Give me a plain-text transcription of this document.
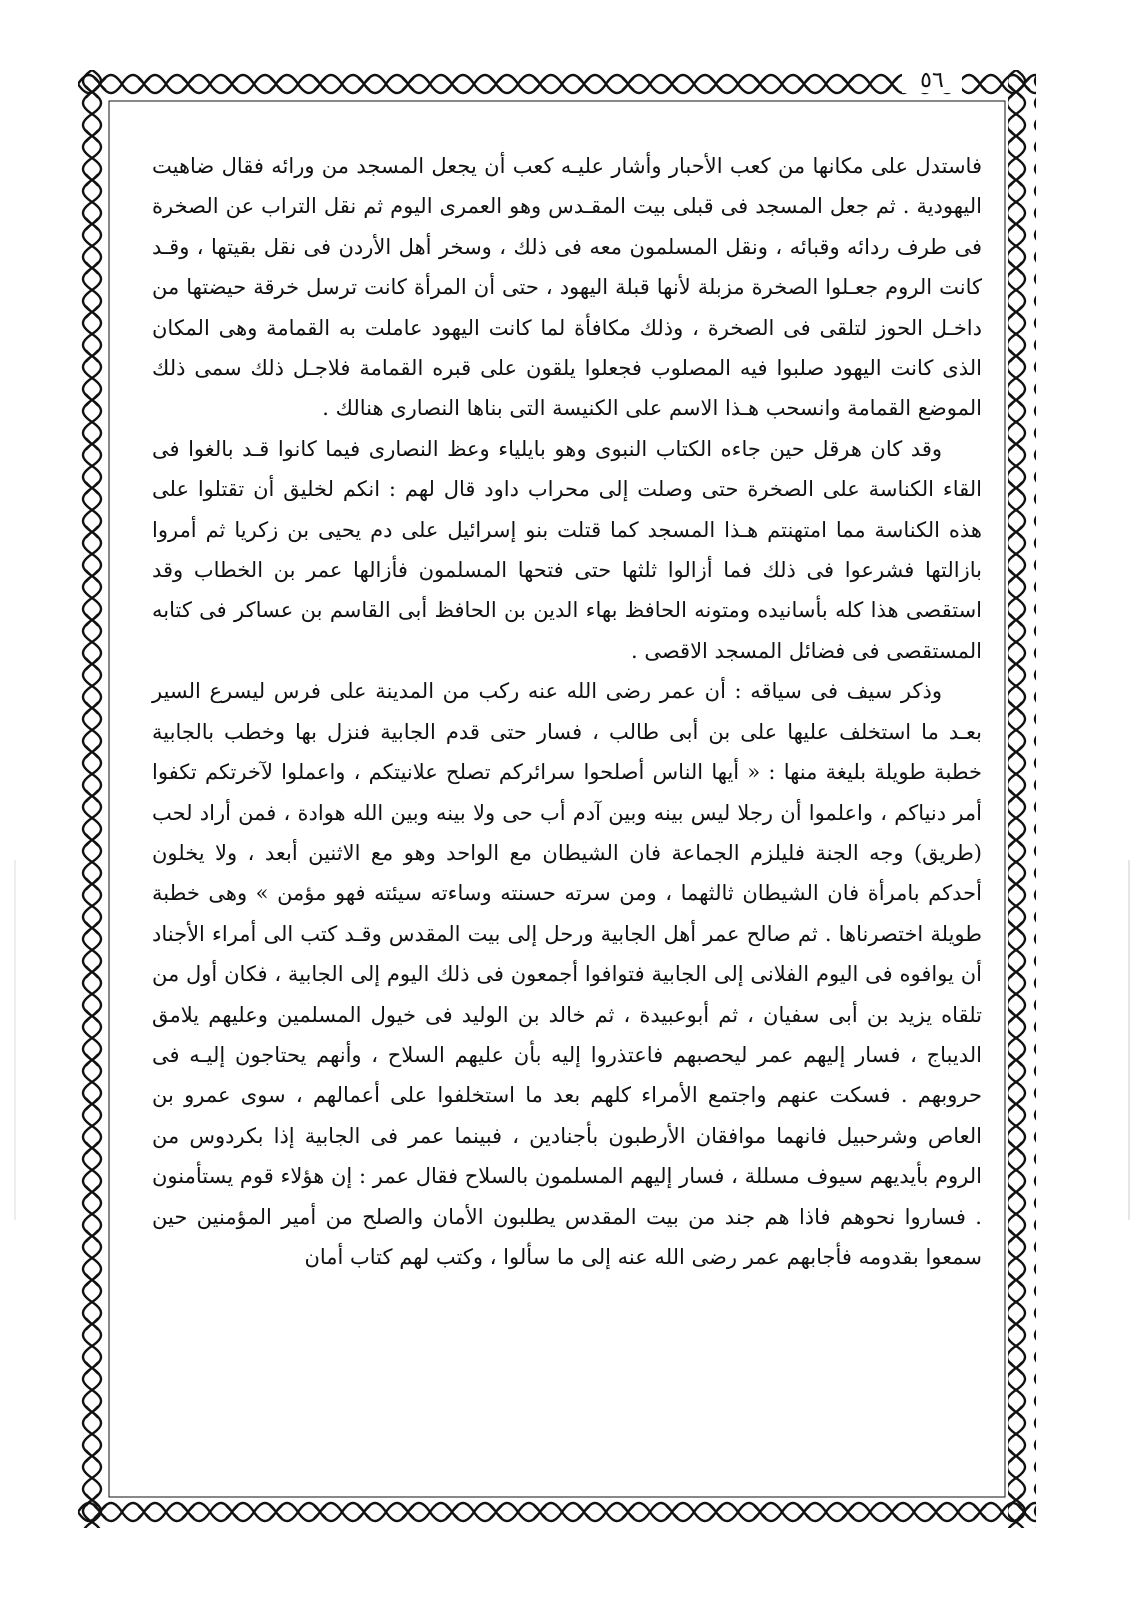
٥٦

فاستدل على مكانها من كعب الأحبار وأشار عليـه كعب أن يجعل المسجد من ورائه فقال ضاهيت اليهودية . ثم جعل المسجد فى قبلى بيت المقـدس وهو العمرى اليوم ثم نقل التراب عن الصخرة فى طرف ردائه وقبائه ، ونقل المسلمون معه فى ذلك ، وسخر أهل الأردن فى نقل بقيتها ، وقـد كانت الروم جعـلوا الصخرة مزبلة لأنها قبلة اليهود ، حتى أن المرأة كانت ترسل خرقة حيضتها من داخـل الحوز لتلقى فى الصخرة ، وذلك مكافأة لما كانت اليهود عاملت به القمامة وهى المكان الذى كانت اليهود صلبوا فيه المصلوب فجعلوا يلقون على قبره القمامة فلاجـل ذلك سمى ذلك الموضع القمامة وانسحب هـذا الاسم على الكنيسة التى بناها النصارى هنالك .

وقد كان هرقل حين جاءه الكتاب النبوى وهو بايلياء وعظ النصارى فيما كانوا قـد بالغوا فى القاء الكناسة على الصخرة حتى وصلت إلى محراب داود قال لهم : انكم لخليق أن تقتلوا على هذه الكناسة مما امتهنتم هـذا المسجد كما قتلت بنو إسرائيل على دم يحيى بن زكريا ثم أمروا بازالتها فشرعوا فى ذلك فما أزالوا ثلثها حتى فتحها المسلمون فأزالها عمر بن الخطاب وقد استقصى هذا كله بأسانيده ومتونه الحافظ بهاء الدين بن الحافظ أبى القاسم بن عساكر فى كتابه المستقصى فى فضائل المسجد الاقصى .

وذكر سيف فى سياقه : أن عمر رضى الله عنه ركب من المدينة على فرس ليسرع السير بعـد ما استخلف عليها على بن أبى طالب ، فسار حتى قدم الجابية فنزل بها وخطب بالجابية خطبة طويلة بليغة منها : « أيها الناس أصلحوا سرائركم تصلح علانيتكم ، واعملوا لآخرتكم تكفوا أمر دنياكم ، واعلموا أن رجلا ليس بينه وبين آدم أب حى ولا بينه وبين الله هوادة ، فمن أراد لحب (طريق) وجه الجنة فليلزم الجماعة فان الشيطان مع الواحد وهو مع الاثنين أبعد ، ولا يخلون أحدكم بامرأة فان الشيطان ثالثهما ، ومن سرته حسنته وساءته سيئته فهو مؤمن » وهى خطبة طويلة اختصرناها . ثم صالح عمر أهل الجابية ورحل إلى بيت المقدس وقـد كتب الى أمراء الأجناد أن يوافوه فى اليوم الفلانى إلى الجابية فتوافوا أجمعون فى ذلك اليوم إلى الجابية ، فكان أول من تلقاه يزيد بن أبى سفيان ، ثم أبوعبيدة ، ثم خالد بن الوليد فى خيول المسلمين وعليهم يلامق الديباج ، فسار إليهم عمر ليحصبهم فاعتذروا إليه بأن عليهم السلاح ، وأنهم يحتاجون إليـه فى حروبهم . فسكت عنهم واجتمع الأمراء كلهم بعد ما استخلفوا على أعمالهم ، سوى عمرو بن العاص وشرحبيل فانهما موافقان الأرطبون بأجنادين ، فبينما عمر فى الجابية إذا بكردوس من الروم بأيديهم سيوف مسللة ، فسار إليهم المسلمون بالسلاح فقال عمر : إن هؤلاء قوم يستأمنون . فساروا نحوهم فاذا هم جند من بيت المقدس يطلبون الأمان والصلح من أمير المؤمنين حين سمعوا بقدومه فأجابهم عمر رضى الله عنه إلى ما سألوا ، وكتب لهم كتاب أمان
